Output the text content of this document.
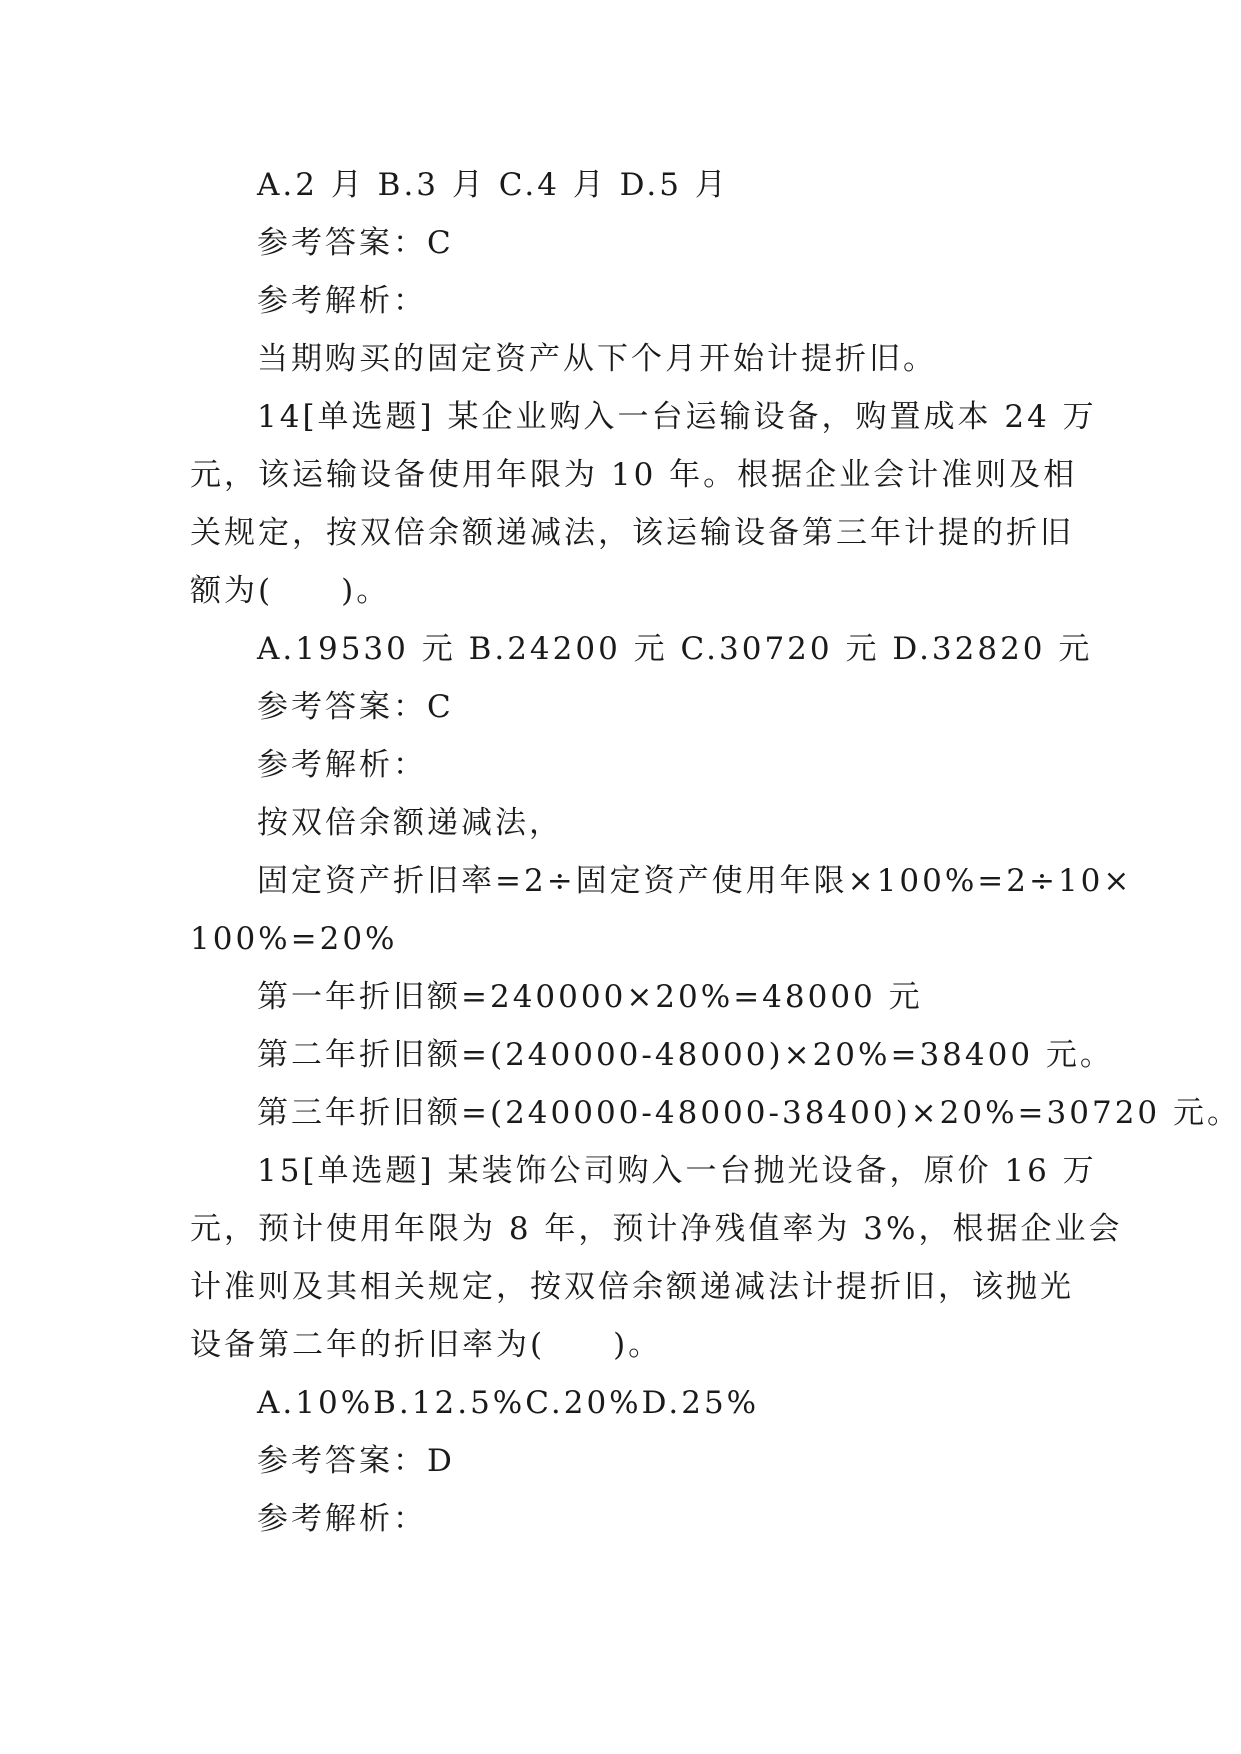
A.2 月 B.3 月 C.4 月 D.5 月
参考答案：C
参考解析：
当期购买的固定资产从下个月开始计提折旧。
14[单选题] 某企业购入一台运输设备，购置成本 24 万
元，该运输设备使用年限为 10 年。根据企业会计准则及相
关规定，按双倍余额递减法，该运输设备第三年计提的折旧
额为(　　)。
A.19530 元 B.24200 元 C.30720 元 D.32820 元
参考答案：C
参考解析：
按双倍余额递减法，
固定资产折旧率=2÷固定资产使用年限×100%=2÷10×
100%=20%
第一年折旧额=240000×20%=48000 元
第二年折旧额=(240000-48000)×20%=38400 元。
第三年折旧额=(240000-48000-38400)×20%=30720 元。
15[单选题] 某装饰公司购入一台抛光设备，原价 16 万
元，预计使用年限为 8 年，预计净残值率为 3%，根据企业会
计准则及其相关规定，按双倍余额递减法计提折旧，该抛光
设备第二年的折旧率为(　　)。
A.10%B.12.5%C.20%D.25%
参考答案：D
参考解析：
